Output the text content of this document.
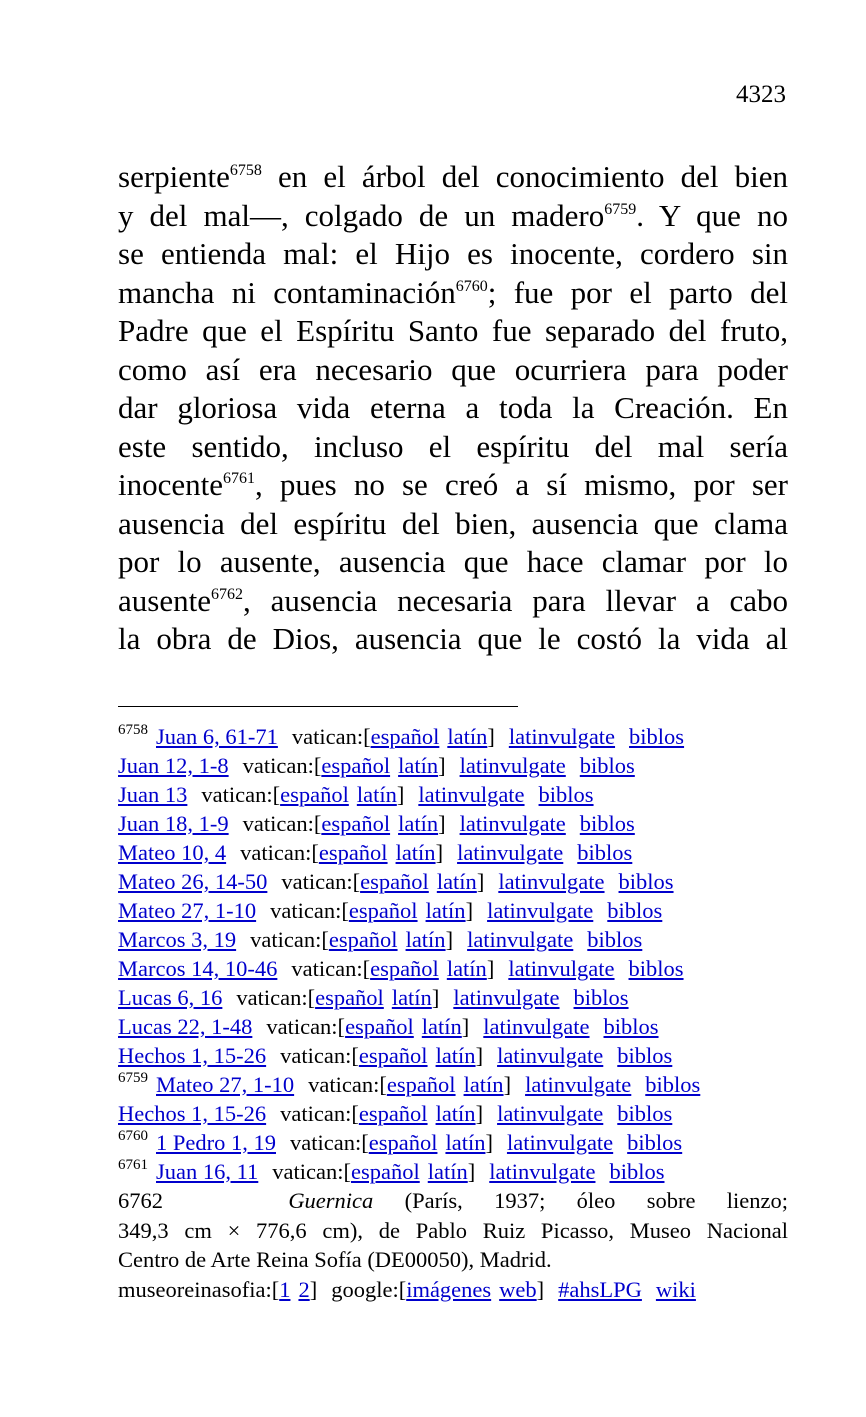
4323
serpiente$^{6758}$ en el árbol del conocimiento del bien
y del mal—, colgado de un madero$^{6759}$. Y que no
se entienda mal: el Hijo es inocente, cordero sin
mancha ni contaminación$^{6760}$; fue por el parto del
Padre que el Espíritu Santo fue separado del fruto,
como así era necesario que ocurriera para poder
dar gloriosa vida eterna a toda la Creación. En
este sentido, incluso el espíritu del mal sería
inocente$^{6761}$, pues no se creó a sí mismo, por ser
ausencia del espíritu del bien, ausencia que clama
por lo ausente, ausencia que hace clamar por lo
ausente$^{6762}$, ausencia necesaria para llevar a cabo
la obra de Dios, ausencia que le costó la vida al
$^{6758}$ Juan 6, 61-71 vatican:[español latín] latinvulgate biblos
Juan 12, 1-8 vatican:[español latín] latinvulgate biblos
Juan 13 vatican:[español latín] latinvulgate biblos
Juan 18, 1-9 vatican:[español latín] latinvulgate biblos
Mateo 10, 4 vatican:[español latín] latinvulgate biblos
Mateo 26, 14-50 vatican:[español latín] latinvulgate biblos
Mateo 27, 1-10 vatican:[español latín] latinvulgate biblos
Marcos 3, 19 vatican:[español latín] latinvulgate biblos
Marcos 14, 10-46 vatican:[español latín] latinvulgate biblos
Lucas 6, 16 vatican:[español latín] latinvulgate biblos
Lucas 22, 1-48 vatican:[español latín] latinvulgate biblos
Hechos 1, 15-26 vatican:[español latín] latinvulgate biblos
$^{6759}$ Mateo 27, 1-10 vatican:[español latín] latinvulgate biblos
Hechos 1, 15-26 vatican:[español latín] latinvulgate biblos
$^{6760}$ 1 Pedro 1, 19 vatican:[español latín] latinvulgate biblos
$^{6761}$ Juan 16, 11 vatican:[español latín] latinvulgate biblos
6762	Guernica (París, 1937; óleo sobre lienzo;
349,3 cm × 776,6 cm), de Pablo Ruiz Picasso, Museo Nacional
Centro de Arte Reina Sofía (DE00050), Madrid.
museoreinasofia:[1 2] google:[imágenes web] #ahsLPG wiki
